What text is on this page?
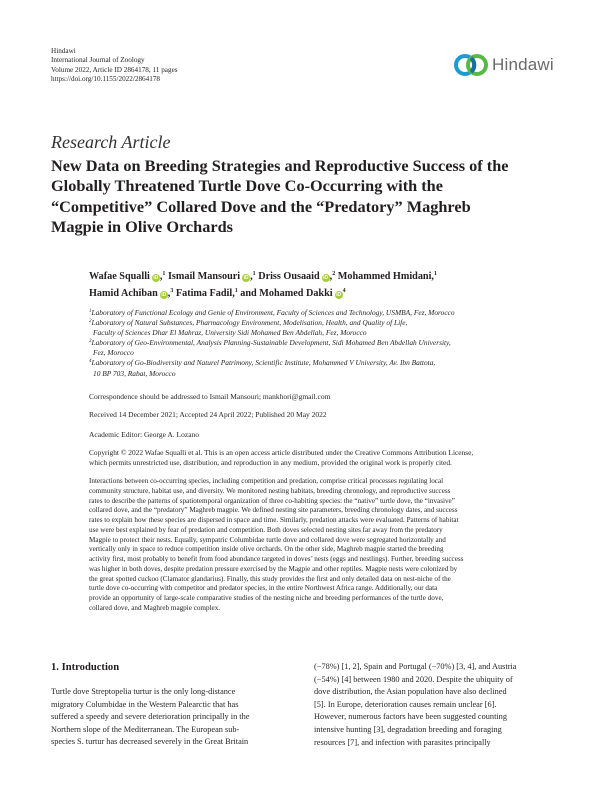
Hindawi
International Journal of Zoology
Volume 2022, Article ID 2864178, 11 pages
https://doi.org/10.1155/2022/2864178
Hindawi
Research Article
New Data on Breeding Strategies and Reproductive Success of the
Globally Threatened Turtle Dove Co-Occurring with the
“Competitive” Collared Dove and the “Predatory” Maghreb
Magpie in Olive Orchards
Wafae Squalli iD ,$^1$ Ismail Mansouri iD ,$^1$ Driss Ousaaid iD ,$^2$ Mohammed Hmidani,$^1$
Hamid Achiban iD ,$^3$ Fatima Fadil,$^1$ and Mohamed Dakki $iD^4$
$^1$Laboratory of Functional Ecology and Genie of Environment, Faculty of Sciences and Technology, USMBA, Fez, Morocco
$^2$Laboratory of Natural Substances, Pharmacology Environment, Modelisation, Health, and Quality of Life,
Faculty of Sciences Dhar El Mahraz, University Sidi Mohamed Ben Abdellah, Fez, Morocco
$^3$Laboratory of Geo-Environmental, Analysis Planning-Sustainable Development, Sidi Mohamed Ben Abdellah University,
Fez, Morocco
$^4$Laboratory of Go-Biodiversity and Naturel Patrimony, Scientific Institute, Mohammed V University, Av. Ibn Battota,
10 BP 703, Rabat, Morocco
Correspondence should be addressed to Ismail Mansouri; mankhori@gmail.com
Received 14 December 2021; Accepted 24 April 2022; Published 20 May 2022
Academic Editor: George A. Lozano
Copyright © 2022 Wafae Squalli et al. This is an open access article distributed under the Creative Commons Attribution License,
which permits unrestricted use, distribution, and reproduction in any medium, provided the original work is properly cited.
Interactions between co-occurring species, including competition and predation, comprise critical processes regulating local
community structure, habitat use, and diversity. We monitored nesting habitats, breeding chronology, and reproductive success
rates to describe the patterns of spatiotemporal organization of three co-habiting species: the “native” turtle dove, the “invasive”
collared dove, and the “predatory” Maghreb magpie. We defined nesting site parameters, breeding chronology dates, and success
rates to explain how these species are dispersed in space and time. Similarly, predation attacks were evaluated. Patterns of habitat
use were best explained by fear of predation and competition. Both doves selected nesting sites far away from the predatory
Magpie to protect their nests. Equally, sympatric Columbidae turtle dove and collared dove were segregated horizontally and
vertically only in space to reduce competition inside olive orchards. On the other side, Maghreb magpie started the breeding
activity first, most probably to benefit from food abundance targeted in doves’ nests (eggs and nestlings). Further, breeding success
was higher in both doves, despite predation pressure exercised by the Magpie and other reptiles. Magpie nests were colonized by
the great spotted cuckoo (Clamator glandarius). Finally, this study provides the first and only detailed data on nest-niche of the
turtle dove co-occurring with competitor and predator species, in the entire Northwest Africa range. Additionally, our data
provide an opportunity of large-scale comparative studies of the nesting niche and breeding performances of the turtle dove,
collared dove, and Maghreb magpie complex.
1. Introduction
Turtle dove Streptopelia turtur is the only long-distance
migratory Columbidae in the Western Palearctic that has
suffered a speedy and severe deterioration principally in the
Northern slope of the Mediterranean. The European sub-
species S. turtur has decreased severely in the Great Britain
(−78%) [1, 2], Spain and Portugal (−70%) [3, 4], and Austria
(−54%) [4] between 1980 and 2020. Despite the ubiquity of
dove distribution, the Asian population have also declined
[5]. In Europe, deterioration causes remain unclear [6].
However, numerous factors have been suggested counting
intensive hunting [3], degradation breeding and foraging
resources [7], and infection with parasites principally
